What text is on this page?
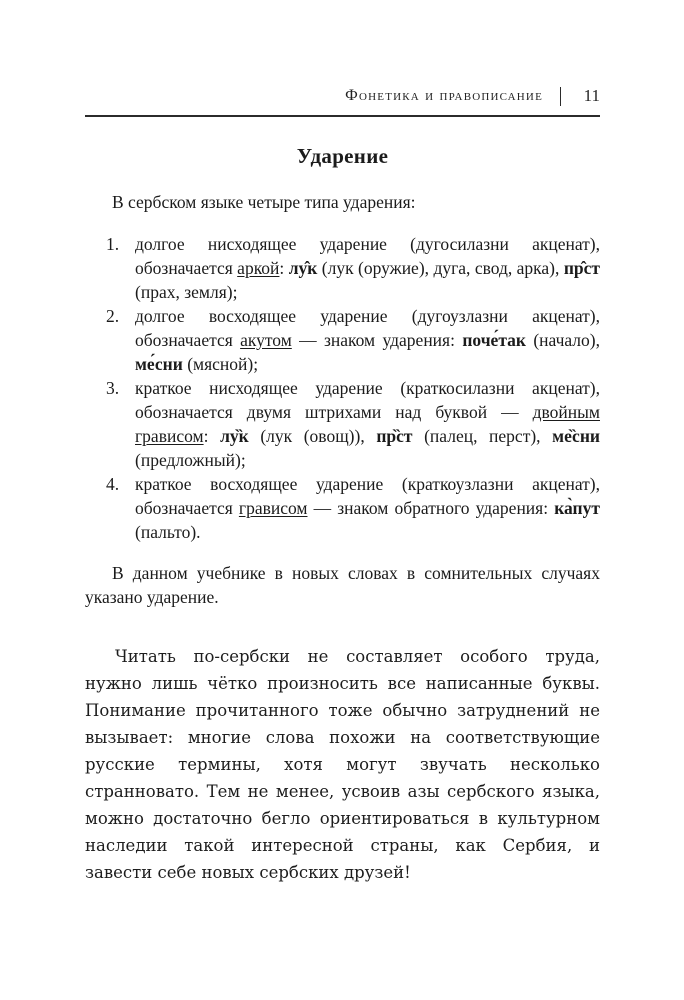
Фонетика и правописание	11
Ударение

В сербском языке четыре типа ударения:

1. долгое нисходящее ударение (дугосилазни акценат), обозначается аркой: лу̂к (лук (оружие), дуга, свод, арка), пр̂ст (прах, земля);
2. долгое восходящее ударение (дугоузлазни акценат), обозначается акутом — знаком ударения: поче́так (начало), ме́сни (мясной);
3. краткое нисходящее ударение (краткосилазни акценат), обозначается двумя штрихами над буквой — двойным грависом: лу̏к (лук (овощ)), пр̏ст (палец, перст), ме̏сни (предложный);
4. краткое восходящее ударение (краткоузлазни акценат), обозначается грависом — знаком обратного ударения: ка̀пут (пальто).

В данном учебнике в новых словах в сомнительных случаях указано ударение.

Читать по-сербски не составляет особого труда, нужно лишь чётко произносить все написанные буквы. Понимание прочитанного тоже обычно затруднений не вызывает: многие слова похожи на соответствующие русские термины, хотя могут звучать несколько странновато. Тем не менее, усвоив азы сербского языка, можно достаточно бегло ориентироваться в культурном наследии такой интересной страны, как Сербия, и завести себе новых сербских друзей!
